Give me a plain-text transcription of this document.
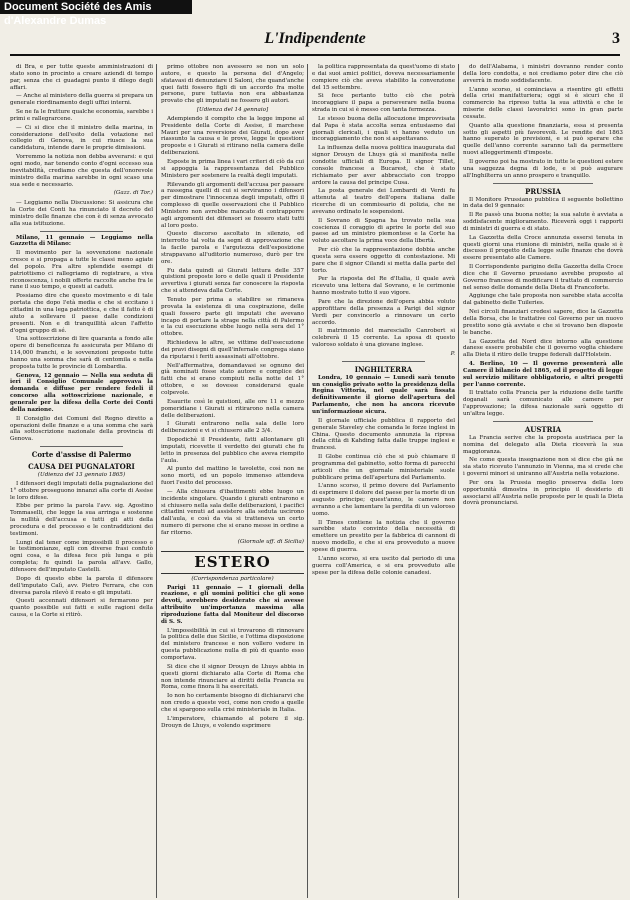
Document Société des Amis d'Alexandre Dumas
L'Indipendente	3

di Bra, e per tutte queste amministrazioni di stato sono in procinto a creare aziendi di tempo par, senza che ci guadagni punto il dilego degli affari.

— Anche al ministero della guerra si prepara un generale riordinamento degli uffizi interni.

Se ne fa le frutture qualche economia, sarebbe i primi e rallegrarcene.

— Ci si dice che il ministro della marina, in considerazione dell'esito della votazione nel collegio di Genova, in cui riusce la sua candidatura, intende dare le proprie dimissioni.

Vorremmo la notizia non debba avverarsi: e qui ogni modo, nar tenendo conto d'ogni eccesso sua inevitabilità, crediamo che questa dell'onorevole ministro della marina sarebbe in ogni scaso una sua sede e necessario.

(Gazz. di Tor.)

— Leggiamo nella Discussione: Si assicura che la Corte dei Conti ha rinunciato il decreto del ministro delle finanze che con è di senza avvocato alla sua istituzione.

Milano, 11 gennaio — Leggiamo nella Gazzetta di Milano:

Il movimento per la sovvenzione nazionale cresce e si propaga a tutte le classi meno agiate del popolo. Fra altre splendide esempi di patriottismo ci rallegriamo di registrare, a viva riconoscenza, i nobili offerte raccolte anche fra le rane il suo tempo, e questi ai caduti.

Possiamo dire che questo movimento e di tale portata che dopo l'età media e che si eccitano i cittadini in una lega patriottica, e che il fatto è di aiuto a sollevare il paese dalle condizioni presenti. Non e di tranquillità alcun l'affetto d'ogni gruppo di sé.

Una sottoscrizione di lire quaranta a fondo alle opere di beneficenza fu assicurata per Milano di 114,000 franchi, e le sovvenzioni proposte tutte hanno una somma che sarà di centomila e nella proposta tutte le provincie di Lombardia.

Genova, 12 gennaio — Nella sua seduta di ieri il Consiglio Comunale approvava la domanda e diffuse per rendere fedeli il concorso alla sottoscrizione nazionale, e generale per la difesa della Corte dei Conti della nazione.

Il Consiglio dei Comuni del Regno diretto a operazioni delle finanze e a una somma che sarà alla sottoscrizione nazionale della provincia di Genova.

Corte d'assise di Palermo
CAUSA DEI PUGNALATORI
(Udienza del 13 gennaio 1865)

I difensori degli imputati della pugnalazione del 1° ottobre proseguono innanzi alla corte di Assise le loro difese.

Ebbe per primo la parola l'avv. sig. Agostino Tommaselli, che legge la sua arringa e sostenne la nullità dell'accusa e tutti gli atti della procedura e del processo e le contraddizioni dei testimoni.

Lungi dal tener come impossibili il processo e le testimonianze, egli con diverse frasi confutò ogni cosa, e la difesa fece più lunga e più completa; fu quindi la parola all'avv. Gallo, difensore dell'imputato Castelli.

Dopo di questo ebbe la parola il difensore dell'imputato Calì, avv. Pietro Ferrara, che con diversa parola rilevò il reato e gli imputati.

Questi accennati difensori si fermarono per quanto possibile sui fatti e sulle ragioni della causa, e la Corte si ritirò.

primo ottobre non avessero se non un solo autore, e questo la persona del d'Angelo; sfatavasi di denunziare il Saloni, che quand'anche quei fatti fossero figli di un accordo fra molte persone, pure tuttavia non era abbastanza provato che gli imputati ne fossero gli autori.

[Udienza del 14 gennaio]

Adempiendo il compito che la legge impone al Presidente della Corte di Assise, il marchese Mauri per una reversione dei Giurati, dopo aver riassunto la causa e le prove, legge le questioni proposte e i Giurati si ritirano nella camera delle deliberazioni.

Esposte in prima linea i vari criteri di ciò da cui si appoggia la rappresentanza del Pubblico Ministero per sostenere la realtà degli imputati.

Rilevando gli argomenti dell'accusa per passare a rassegna quelli di cui si serviranno i difensori per dimostrare l'innocenza degli imputati, offri il complesso di quelle osservazioni che il Pubblico Ministero non avrebbe mancato di contrapporre agli argomenti dei difensori se fossero stati tutti al loro posto.

Questo discorso ascoltato in silenzio, ed interrotto tal volta da segni di approvazione che la facile parola e l'argutezza dell'esposizione strappavano all'uditorio numeroso, durò per tre ore.

Fu data quindi ai Giurati lettura delle 357 quistioni proposte loro e delle quali il Presidente avvertiva i giurati senza far conoscere la risposta che si attendeva dalla Corte.

Tenuto per prima a stabilire se rimaneva provata la esistenza di una cospirazione, delle quali fossero parte gli imputati che avevano incapo di portare la strage nella città di Palermo e la cui esecuzione ebbe luogo nella sera del 1° ottobre.

Richiedeva le altre, se vittime dell'esecuzione dei pravi disegni di quell'infernale congrega siano da riputarsi i feriti assassinati all'ottobre.

Nell'affermativa, domandavasi se ognuno dei già nominati fosse stato autore e complice dei fatti che si erano compiuti nella notte del 1° ottobre, e se dovesse considerarsi quale colpevole.

Esaurite così le quistioni, alle ore 11 e mezzo pomeridiane i Giurati si ritirarono nella camera delle deliberazioni.

I Giurati entrarono nella sala delle loro deliberazioni e vi si chiusero alle 2 3/4.

Dopodichè il Presidente, fatti allontanare gli imputati, ricevette il verdetto dei giurati che fu letto in presenza del pubblico che aveva riempito l'aula.

Al punto del mattino le tavolette, così non ne sono morti, ed un popolo immenso attendeva fuori l'esito del processo.

— Alla chiusura d'ibattimenti ebbe luogo un incidente singolare. Quando i giurati entrarono e si chiusero nella sala delle deliberazioni, i pacifici cittadini venuti ad assistere alla seduta uscirono dall'aula, e così da via si tratteneva un certo numero di persone che si erano messe in ordine a far ritorno.

(Giornale uff. di Sicilia)
ESTERO
(Corrispondenza particolare)

Parigi 11 gennaio — I giornali della reazione, e gli uomini politici che gli sono devoti, avrebbero desiderato che si avesse attribuito un'importanza massima alla riproduzione fatta dal Moniteur del discorso di S. S.

L'impossibilità in cui si trovarono di rinnovare la politica delle due Sicilie, e l'ottima disposizione del ministero francese e non vollero vedere in questa pubblicazione nulla di più di quanto esso comportava.

Si dice che il signor Drouyn de Lhuys abbia in questi giorni dichiarato alla Corte di Roma che non intende rinunciare ai diritti della Francia su Roma, come finora li ha esercitati.

Io non ho certamente bisogno di dichiararvi che non credo a queste voci, come non credo a quelle che si spargono sulla crisi ministeriale in Italia.

L'imperatore, chiamando al potere il sig. Drouyn de Lhuys, e volendo esprimere

la politica rappresentata da quest'uomo di stato e dai suoi amici politici, doveva necessariamente compiere ciò che aveva stabilito la convenzione del 15 settembre.

Si fece pertanto tutto ciò che potrà incoraggiare il papa a perseverare nella buona strada in cui si è messo con tanta fermezza.

Le stesso buona della allocuzione improvvisata dal Papa è stata accolta senza entusiasmo dai giornali clericali, i quali vi hanno veduto un incoraggiamento che non si aspettavano.

La influenza della nuova politica inaugurata dal signor Drouyn de Lhuys già si manifesta nelle condotte ufficiali di Europa. Il signor Tillet, console francese a Bucarest, che è stato richiamato per aver abbracciato con troppo ardore la causa del principe Cusa.

La posta generale dei Lombardi di Verdi fu attenuta al teatro dell'opera italiana dalle ricerche di un commissario di polizia, che ne avevano ordinato le sospensioni.

Il Sovrano di Spagna ha trovato nella sua coscienza il coraggio di aprire le porte del suo paese ad un ministro piemontese e la Corte ha voluto ascoltare la prima voce della libertà.

Per ciò che la rappresentazione dobbia anche questa sera essere oggetto di contestazione. Mi pare che il signor Cilandi si metta dalla parte del torto.

Per la risposta del Re d'Italia, il quale avrà ricevuto una lettera dal Sovrano, e le cerimonie hanno mostrato tutto il suo vigore.

Pare che la direzione dell'opera abbia voluto approfittare della presenza a Parigi del signor Verdi per convincerlo a rinnovare un certo accordo.

Il matrimonio del maresciallo Canrobert si celebrerà il 15 corrente. La sposa di questo valoroso soldato è una giovane inglese.

P.
INGHILTERRA

Londra, 10 gennaio — Lunedi sarà tenuto un consiglio privato sotto la presidenza della Regina Vittoria, nel quale sarà fissata definitivamente il giorno dell'apertura del Parlamento, che non ha ancora ricevuto un'informazione sicura.

Il giornale ufficiale pubblica il rapporto del generale Staveley che comanda le forze inglesi in China. Questo documento annunzia la ripresa della città di Kahding fatta dalle truppe inglesi e francesi.

Il Globe continua ciò che si può chiamare il programma del gabinetto, sotto forma di parecchi articoli che un giornale ministeriale suole pubblicare prima dell'apertura del Parlamento.

L'anno scorso, il primo dovere del Parlamento di esprimere il dolore del paese per la morte di un augusto principe; quest'anno, le camere non avranno a che lamentare la perdita di un valoroso uomo.

Il Times contiene la notizia che il governo sarebbe stato convinto della necessità di emettere un prestito per la fabbrica di cannoni di nuovo modello, e che si era provveduto a nuove spese di guerra.

L'anno scorso, si era uscito dal periodo di una guerra coll'America, e si era provveduto alle spese per la difesa delle colonie canadesi.

do dell'Alabama, i ministri dovranno render conto della loro condotta, e noi crediamo poter dire che ciò avverrà in modo soddisfacente.

L'anno scorso, si cominciava a risentire gli effetti della crisi manifatturiera; oggi si è sicuri che il commercio ha ripreso tutta la sua attività e che le miserie delle classi lavoratrici sono in gran parte cessate.

Quanto alla questione finanziaria, essa si presenta sotto gli aspetti più favorevoli. Le rendite del 1863 hanno superato le previsioni, e si può sperare che quelle dell'anno corrente saranno tali da permettere nuovi alleggerimenti d'imposte.

Il governo poi ha mostrato in tutte le questioni estere una saggezza degna di lode, e si può augurare all'Inghilterra un anno prospero e tranquillo.

PRUSSIA

Il Monitore Prussiano pubblica il seguente bollettino in data del 9 gennaio:

Il Re passò una buona notte; la sua salute è avviata a soddisfacente miglioramento. Riceverà oggi i rapporti di ministri di guerra e di stato.

La Gazzetta della Croce annunzia essersi tenuta in questi giorni una riunione di ministri, nella quale si è discusso il progetto della legge sulle finanze che dovrà essere presentato alle Camere.

Il Corrispondente parigino della Gazzetta della Croce dice che il Governo prussiano avrebbe proposto al Governo francese di modificare il trattato di commercio nel senso delle domande della Dieta di Francoforte.

Aggiunge che tale proposta non sarebbe stata accolta dal gabinetto delle Tuileries.

Nei circoli finanziari credesi sapere, dice la Gazzetta della Borsa, che le trattative col Governo per un nuovo prestito sono già avviate e che si trovano ben disposte le banche.

La Gazzetta del Nord dice intorno alla questione danese essere probabile che il governo voglia chiedere alla Dieta il ritiro delle truppe federali dall'Holstein.

4. Berlino, 10 — Il governo presenterà alle Camere il bilancio del 1865, ed il progetto di legge sul servizio militare obbligatorio, e altri progetti per l'anno corrente.

Il trattato colla Francia per la riduzione delle tariffe doganali sarà comunicato alle camere per l'approvazione; la difesa nazionale sarà oggetto di un'altra legge.

AUSTRIA

La Francia serive che la proposta austriaca per la nomina del delegato alla Dieta riceverà la sua maggioranza.

Ne come questa insegnazione non si dice che già ne sia stato ricevuto l'annunzio in Vienna, ma si crede che i governi minori si uniranno all'Austria nella votazione.

Per ora la Prussia meglio preserva della loro opportunità dimostra in principio il desiderio di associarsi all'Austria nelle proposte per le quali la Dieta dovrà pronunciarsi.
